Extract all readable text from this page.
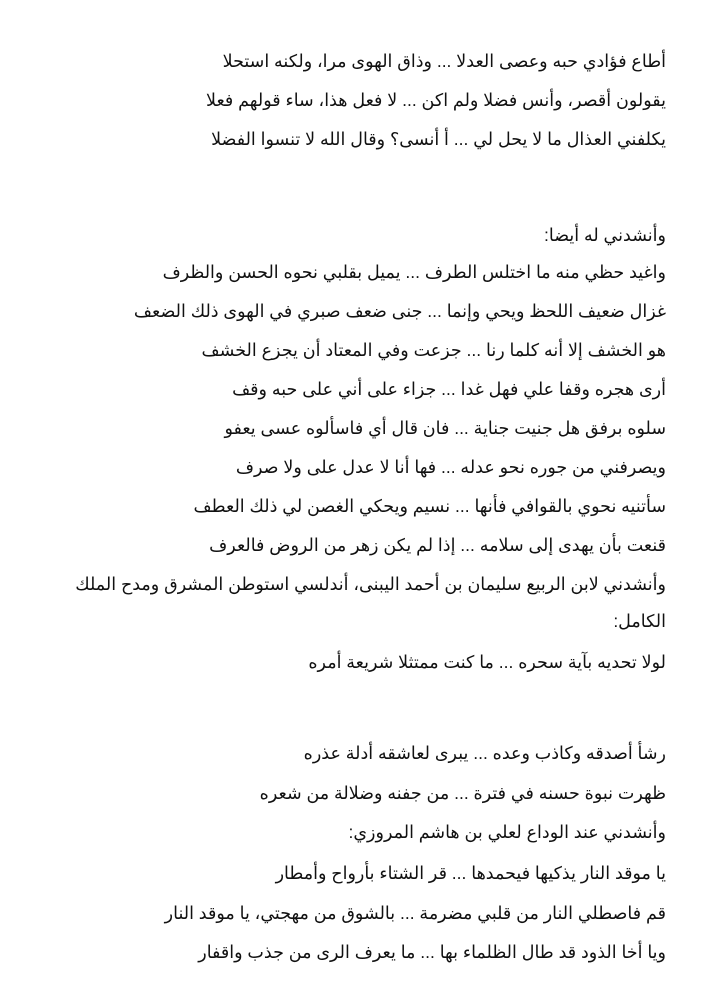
أطاع فؤادي حبه وعصى العدلا ... وذاق الهوى مرا، ولكنه استحلا
يقولون أقصر، وأنس فضلا ولم اكن ... لا فعل هذا، ساء قولهم فعلا
يكلفني العذال ما لا يحل لي ... أ أنسى؟ وقال الله لا تنسوا الفضلا
وأنشدني له أيضا:
واغيد حظي منه ما اختلس الطرف ... يميل بقلبي نحوه الحسن والظرف
غزال ضعيف اللحظ ويحي وإنما ... جنى ضعف صبري في الهوى ذلك الضعف
هو الخشف إلا أنه كلما رنا ... جزعت وفي المعتاد أن يجزع الخشف
أرى هجره وقفا علي فهل غدا ... جزاء على أني على حبه وقف
سلوه برفق هل جنيت جناية ... فان قال أي فاسألوه عسى يعفو
ويصرفني من جوره نحو عدله ... فها أنا لا عدل على ولا صرف
سأتنيه نحوي بالقوافي فأنها ... نسيم ويحكي الغصن لي ذلك العطف
قنعت بأن يهدى إلى سلامه ... إذا لم يكن زهر من الروض فالعرف
وأنشدني لابن الربيع سليمان بن أحمد اليبنى، أندلسي استوطن المشرق ومدح الملك
الكامل:
لولا تحديه بآية سحره ... ما كنت ممتثلا شريعة أمره
رشأ أصدقه وكاذب وعده ... يبرى لعاشقه أدلة عذره
ظهرت نبوة حسنه في فترة ... من جفنه وضلالة من شعره
وأنشدني عند الوداع لعلي بن هاشم المروزي:
يا موقد النار يذكيها فيحمدها ... قر الشتاء بأرواح وأمطار
قم فاصطلي النار من قلبي مضرمة ... بالشوق من مهجتي، يا موقد النار
ويا أخا الذود قد طال الظلماء بها ... ما يعرف الرى من جذب واقفار
